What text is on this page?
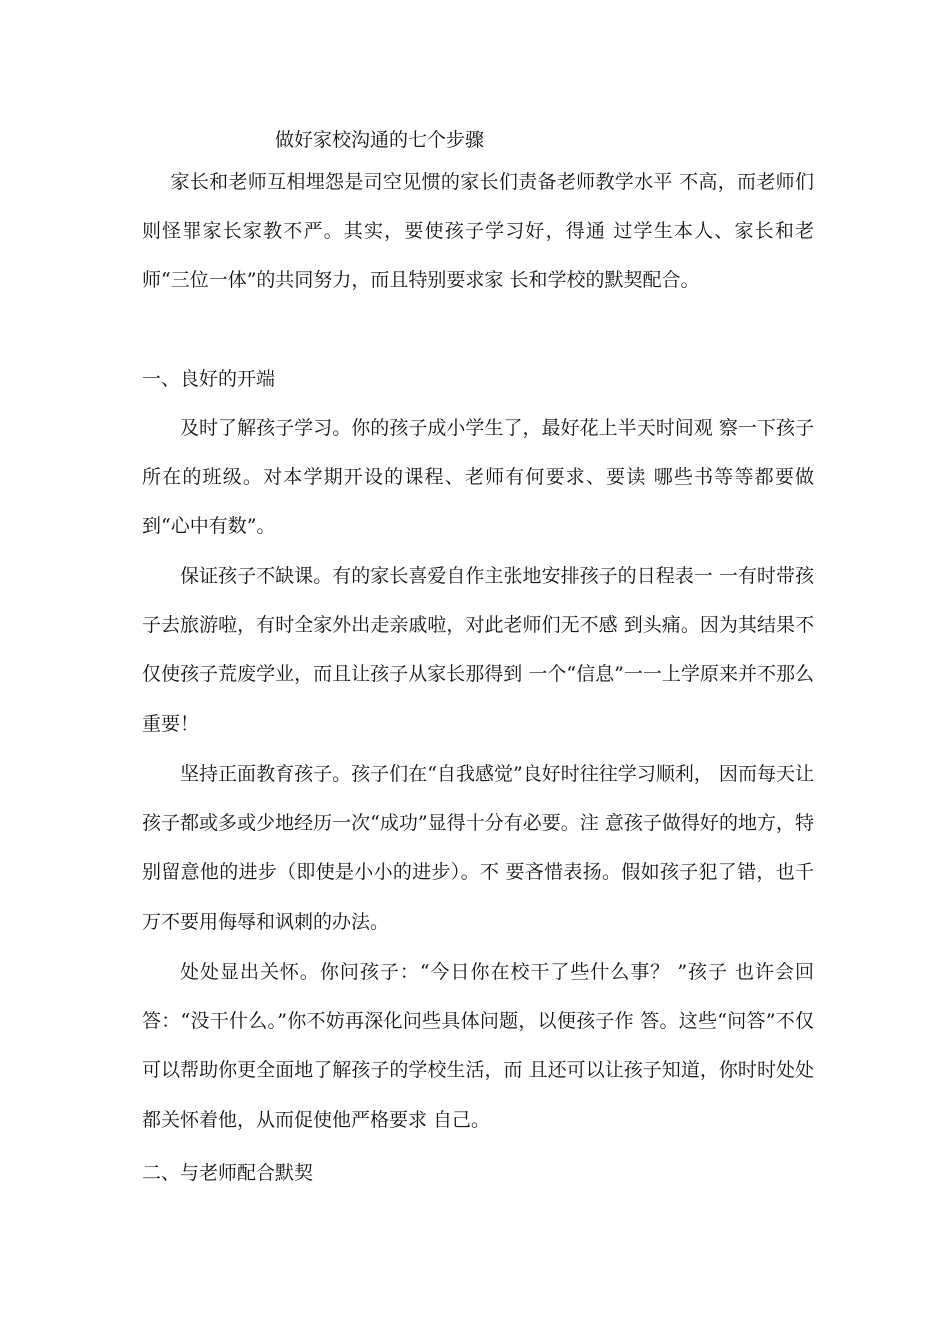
做好家校沟通的七个步骤

家长和老师互相埋怨是司空见惯的家长们责备老师教学水平 不高，而老师们则怪罪家长家教不严。其实，要使孩子学习好，得通 过学生本人、家长和老师“三位一体”的共同努力，而且特别要求家 长和学校的默契配合。

一、良好的开端

及时了解孩子学习。你的孩子成小学生了，最好花上半天时间观 察一下孩子所在的班级。对本学期开设的课程、老师有何要求、要读 哪些书等等都要做到“心中有数”。

保证孩子不缺课。有的家长喜爱自作主张地安排孩子的日程表一 一有时带孩子去旅游啦，有时全家外出走亲戚啦，对此老师们无不感 到头痛。因为其结果不仅使孩子荒废学业，而且让孩子从家长那得到 一个“信息”一一上学原来并不那么重要！

坚持正面教育孩子。孩子们在“自我感觉”良好时往往学习顺利， 因而每天让孩子都或多或少地经历一次“成功”显得十分有必要。注 意孩子做得好的地方，特别留意他的进步（即使是小小的进步）。不 要吝惜表扬。假如孩子犯了错，也千万不要用侮辱和讽刺的办法。

处处显出关怀。你问孩子：“今日你在校干了些什么事？ ”孩子 也许会回答：“没干什么。”你不妨再深化问些具体问题，以便孩子作 答。这些“问答”不仅可以帮助你更全面地了解孩子的学校生活，而 且还可以让孩子知道，你时时处处都关怀着他，从而促使他严格要求 自己。

二、与老师配合默契
